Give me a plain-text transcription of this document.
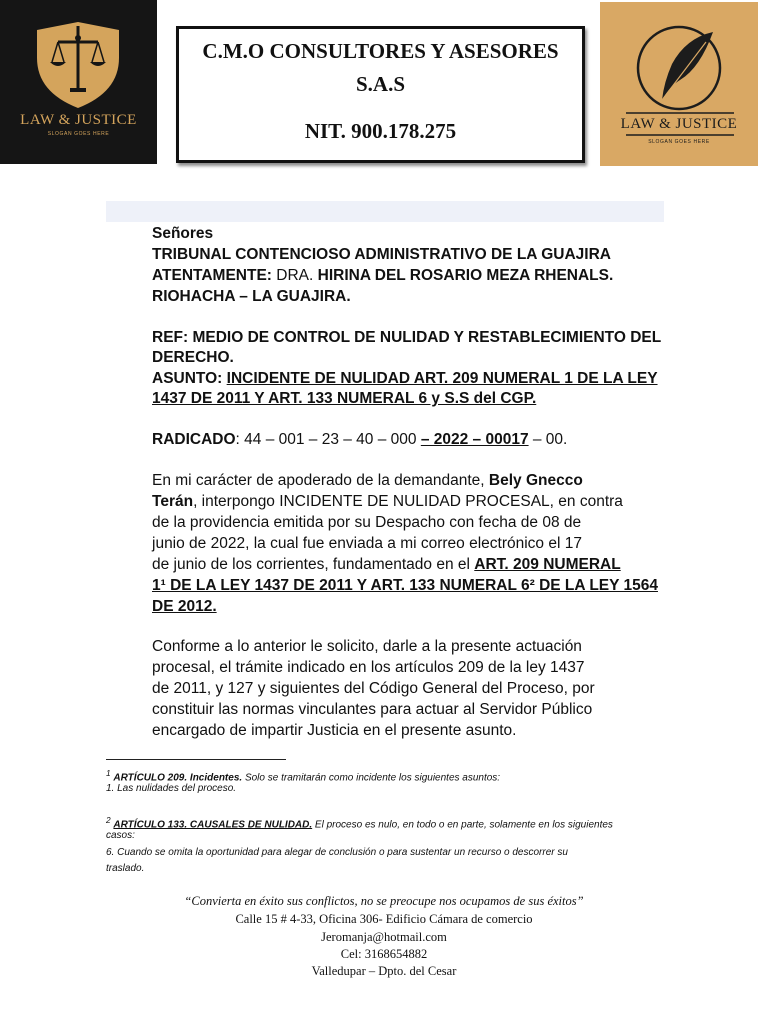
LAW & JUSTICE
SLOGAN GOES HERE
C.M.O CONSULTORES Y ASESORES
S.A.S
NIT. 900.178.275	LAW & JUSTICE
SLOGAN GOES HERE
Señores
TRIBUNAL CONTENCIOSO ADMINISTRATIVO DE LA GUAJIRA
ATENTAMENTE: DRA. HIRINA DEL ROSARIO MEZA RHENALS.
RIOHACHA – LA GUAJIRA.
REF: MEDIO DE CONTROL DE NULIDAD Y RESTABLECIMIENTO DEL
DERECHO.
ASUNTO: INCIDENTE DE NULIDAD ART. 209 NUMERAL 1 DE LA LEY
1437 DE 2011 Y ART. 133 NUMERAL 6 y S.S del CGP.
RADICADO: 44 – 001 – 23 – 40 – 000 – 2022 – 00017 – 00.
En mi carácter de apoderado de la demandante, Bely Gnecco
Terán, interpongo INCIDENTE DE NULIDAD PROCESAL, en contra
de la providencia emitida por su Despacho con fecha de 08 de
junio de 2022, la cual fue enviada a mi correo electrónico el 17
de junio de los corrientes, fundamentado en el ART. 209 NUMERAL
1¹ DE LA LEY 1437 DE 2011 Y ART. 133 NUMERAL 6² DE LA LEY 1564
DE 2012.
Conforme a lo anterior le solicito, darle a la presente actuación
procesal, el trámite indicado en los artículos 209 de la ley 1437
de 2011, y 127 y siguientes del Código General del Proceso, por
constituir las normas vinculantes para actuar al Servidor Público
encargado de impartir Justicia en el presente asunto.
$^1$ ARTÍCULO 209. Incidentes. Solo se tramitarán como incidente los siguientes asuntos:
1. Las nulidades del proceso.
$^2$ ARTÍCULO 133. CAUSALES DE NULIDAD. El proceso es nulo, en todo o en parte, solamente en los siguientes
casos:
6. Cuando se omita la oportunidad para alegar de conclusión o para sustentar un recurso o descorrer su
traslado.
“Convierta en éxito sus conflictos, no se preocupe nos ocupamos de sus éxitos”
Calle 15 # 4-33, Oficina 306- Edificio Cámara de comercio
Jeromanja@hotmail.com
Cel: 3168654882
Valledupar – Dpto. del Cesar
